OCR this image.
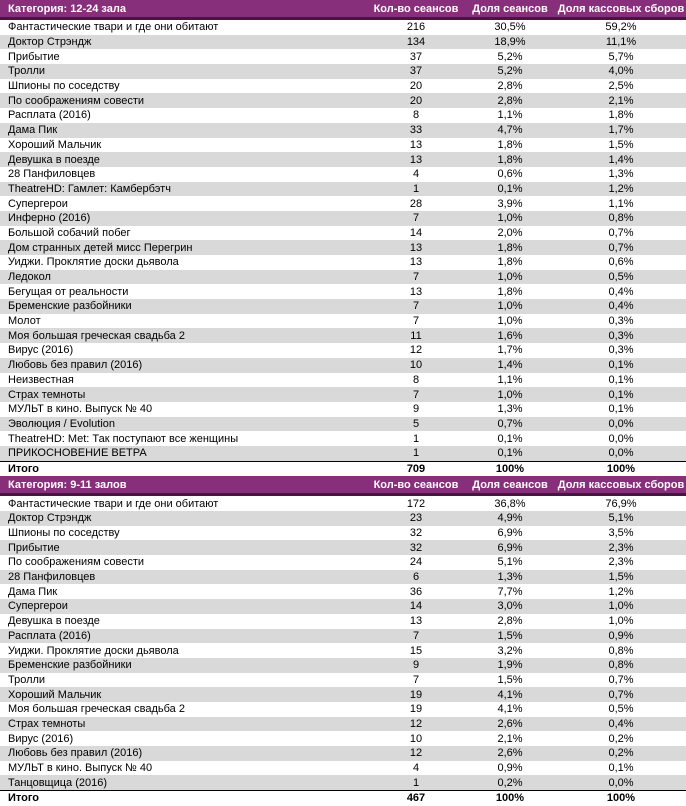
Категория: 12-24 зала	Кол-во сеансов	Доля сеансов	Доля кассовых сборов
Фантастические твари и где они обитают	216	30,5%	59,2%
Доктор Стрэндж	134	18,9%	11,1%
Прибытие	37	5,2%	5,7%
Тролли	37	5,2%	4,0%
Шпионы по соседству	20	2,8%	2,5%
По соображениям совести	20	2,8%	2,1%
Расплата (2016)	8	1,1%	1,8%
Дама Пик	33	4,7%	1,7%
Хороший Мальчик	13	1,8%	1,5%
Девушка в поезде	13	1,8%	1,4%
28 Панфиловцев	4	0,6%	1,3%
TheatreHD: Гамлет: Камбербэтч	1	0,1%	1,2%
Супергерои	28	3,9%	1,1%
Инферно (2016)	7	1,0%	0,8%
Большой собачий побег	14	2,0%	0,7%
Дом странных детей мисс Перегрин	13	1,8%	0,7%
Уиджи. Проклятие доски дьявола	13	1,8%	0,6%
Ледокол	7	1,0%	0,5%
Бегущая от реальности	13	1,8%	0,4%
Бременские разбойники	7	1,0%	0,4%
Молот	7	1,0%	0,3%
Моя большая греческая свадьба 2	11	1,6%	0,3%
Вирус (2016)	12	1,7%	0,3%
Любовь без правил (2016)	10	1,4%	0,1%
Неизвестная	8	1,1%	0,1%
Страх темноты	7	1,0%	0,1%
МУЛЬТ в кино. Выпуск № 40	9	1,3%	0,1%
Эволюция / Evolution	5	0,7%	0,0%
TheatreHD: Met: Так поступают все женщины	1	0,1%	0,0%
ПРИКОСНОВЕНИЕ ВЕТРА	1	0,1%	0,0%
Итого	709	100%	100%
Категория: 9-11 залов	Кол-во сеансов	Доля сеансов	Доля кассовых сборов
Фантастические твари и где они обитают	172	36,8%	76,9%
Доктор Стрэндж	23	4,9%	5,1%
Шпионы по соседству	32	6,9%	3,5%
Прибытие	32	6,9%	2,3%
По соображениям совести	24	5,1%	2,3%
28 Панфиловцев	6	1,3%	1,5%
Дама Пик	36	7,7%	1,2%
Супергерои	14	3,0%	1,0%
Девушка в поезде	13	2,8%	1,0%
Расплата (2016)	7	1,5%	0,9%
Уиджи. Проклятие доски дьявола	15	3,2%	0,8%
Бременские разбойники	9	1,9%	0,8%
Тролли	7	1,5%	0,7%
Хороший Мальчик	19	4,1%	0,7%
Моя большая греческая свадьба 2	19	4,1%	0,5%
Страх темноты	12	2,6%	0,4%
Вирус (2016)	10	2,1%	0,2%
Любовь без правил (2016)	12	2,6%	0,2%
МУЛЬТ в кино. Выпуск № 40	4	0,9%	0,1%
Танцовщица (2016)	1	0,2%	0,0%
Итого	467	100%	100%
